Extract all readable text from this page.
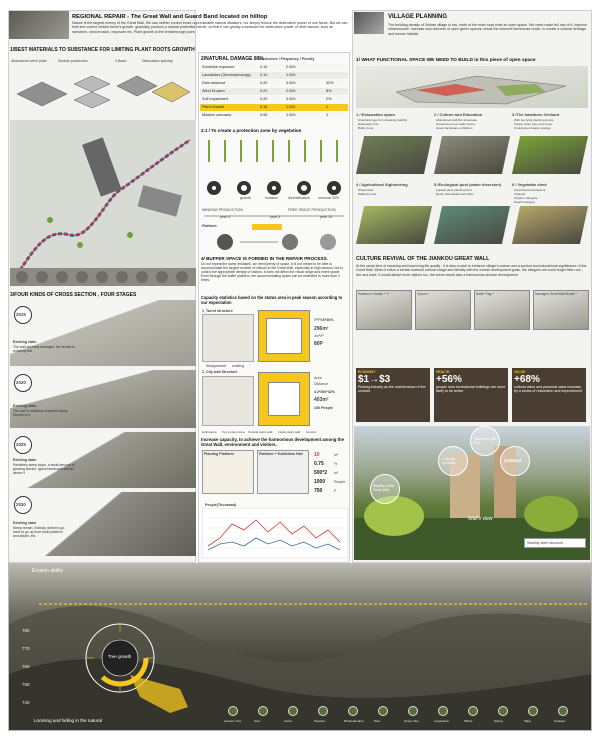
REGIONAL REPAIR - The Great Wall and Guard Band located on hilltop
Nature is the largest enemy of the Great Wall, We can neither control those unpredictable natural disasters, nor simply reduce the destructive power of one factor. But we can limit and control certain factor's growth, gradually produce a natural protective barrier, so that it can greatly counteract the destructive power of other factors, such as ramstorm, wind erosion, exposure etc. Plant growth is the breakthrough point.
1/BEST MATERIALS TO SUBSTANCE FOR LIMITING PLANT ROOTS GROWTH
Abandoned steel plate	Module production	4 Basic	Dislocation splicing
3/FOUR KINDS OF CROSS SECTION , FOUR STAGES
2015
Existing state
The wall severely damaged, the terrain is relatively flat
2020
Existing state
The wall is relatively complete Many Shrubs in it
2025
Existing state
Relatively steep slope, a small amount of growing shrubs, typical destroyed tunnel above it
2030
Existing state
Steep terrain, Nobody dared to go, have to go up from build platform and ladder, etc.
2/NATURAL DAMAGE 80%
Destructive / Frequency / Priority
Sunshine exposure	0.10	2.000
Landslides (Geomorphology) 0.10	1.000
Rain washout	0.20	3.000	32%
Wind Erosion	0.20	2.000	8%
Soil Impairment	0.20	3.000	2%
Plant Growth	0.15	1.000	1
Mission corrosion	0.06	1.000	1
2.1 / To create a protection zone by vegetation
growth	invasion	diversification removal 20%
WINDOW PRODUCTION	FREE SPACE PRODUCTION
year 0	year 5	year 10
Platform
4/ BUFFER SPACE IS FORMED IN THE REPAIR PROCESS.
Do not repeat the same mistakes, we need plenty of space .It is not meant to be able to accommodate the largest number of visitors to the Great Wall, especially in high season. but to control the appropriate density of visitors, it does not affect the visual range and event space. Even through the buffer platform, the accommodating space can be extended to more than 2 times.
Capacity statistics based on the status area in peak season according to our expectation
1_Turret structure
7*7*16*36%
296m²
4m²/P
80P
disappeared existing
2_City wall Structure
Area
Distance
4.2*300*32%
403m²
100 People
Embrasure Top surface Area Outside stairs wall Inside stairs wall Ground
Increase capacity, to achieve the harmonious development among the Great Wall, environment and visitors.
Planting Platform	Platform + Exhibition Hall 10	m²
0.75	%
500*2 m²
1000 People
750	P
People(Thousand)
VILLAGE PLANNING
The building density of Xishan village is low, north of the main road exist an open space. We need make full use of it, improve infrastructure, increase and richness of open green spaces, break the inherent farmhouse mode, to create a cultural heritage and human habitat.
1/ WHAT FUNCTIONAL SPACE WE NEED TO BUILD in this piece of open space
1 / Evacuation space
Structural type for increasing stability
Evacuation line
Buffer zone
2 / Culture and Education
Abandoned wall film showcase
Greenhouse tea made history
Green landscape exhibition
3 /The hawthorn Orchard
With low lying planting groove
Supply water pipe and spray
Underground water storage
4 / Agricultural Sightseeing
Wheat field
Walking route
5 /Ecological pool (water diversion)
Aquatic plant planting Pool
Route (boardwalk and trails)
6 / Vegetable shed
Greenhouse framework
Channel
Organic categorie
Reach category
CULTURE REVIVAL OF THE JIANKOU GREAT WALL
At the same time of repairing and improving life quality , it is also crucial to enhance village's culture and a symbol and educational significance of the Great Wall. When it reach a certain material cultural image and identity with the overall development goals, the villagers not could forget their root , live and work. It would attract more visitors too, the scene would also a harmonious-circular development
Hawthorn Garden + Y	Sylvan +	Battle Flag +	Damaged Great Wall Model +
ECONOMY
$1→$3
Picking industry as the maintenance of the orchard
HEALTH
+56%
people near recreational buildings are more likely to be active
VALUE
+68%
cultural value and personal value increase by a series of restoration and improvement
Education with Fun
Cultural symbols	Contrast
Stability of the Great Wall
Wall's view
Stability steel structure
Erosion ability
780
770
760
750
740
Tree growth
Looming and hiding in the natural	Lantern-Tree	Acer	Carex	Populus	Rhododendron	Pine	Grass Vine	Lespedeza	Plants	Spring	Stipa	Grasses
